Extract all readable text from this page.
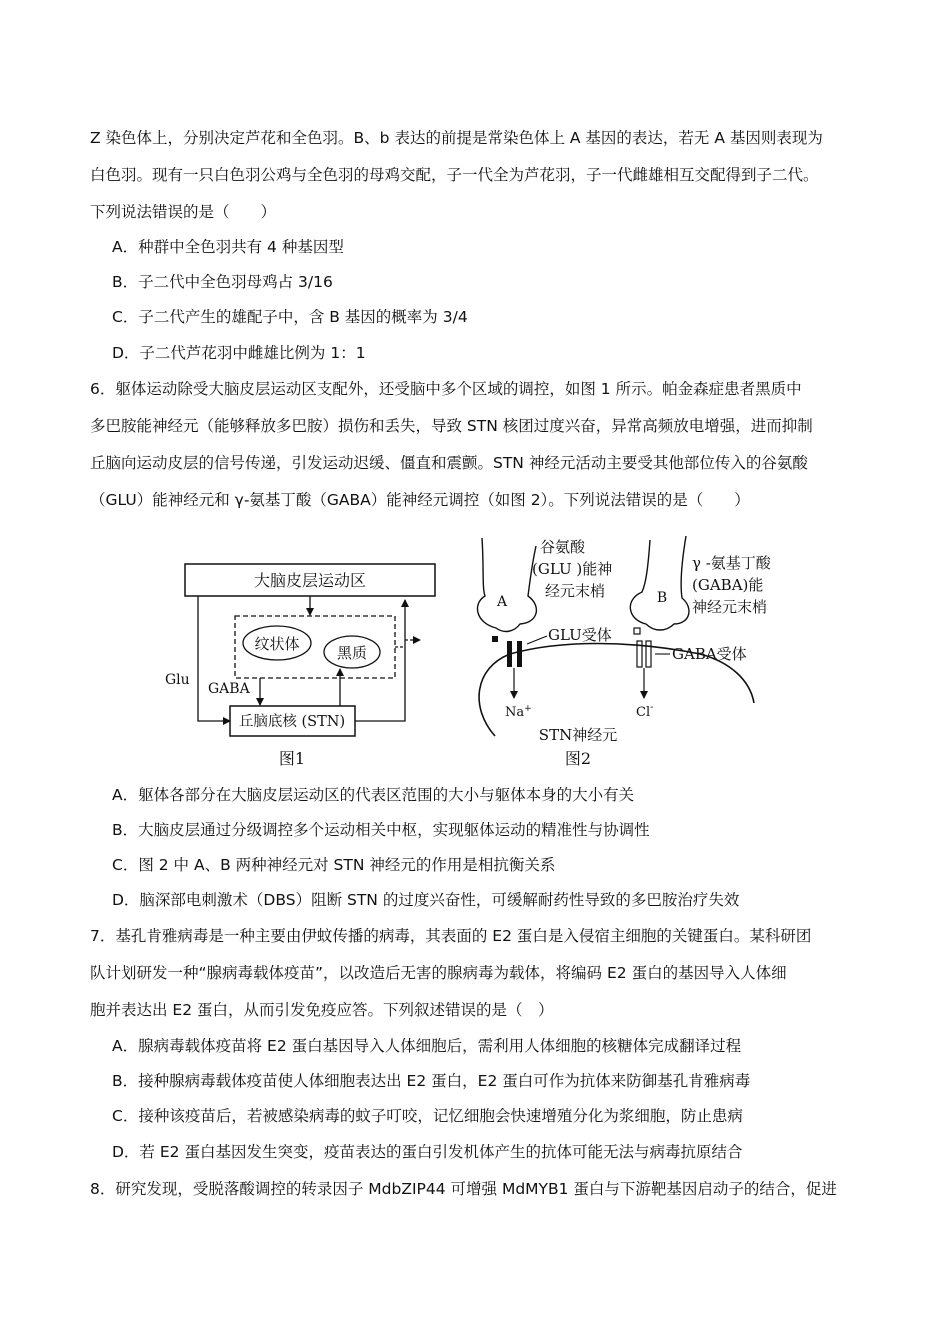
Z 染色体上，分别决定芦花和全色羽。B、b 表达的前提是常染色体上 A 基因的表达，若无 A 基因则表现为
白色羽。现有一只白色羽公鸡与全色羽的母鸡交配，子一代全为芦花羽，子一代雌雄相互交配得到子二代。
下列说法错误的是（　　）
A．种群中全色羽共有 4 种基因型
B．子二代中全色羽母鸡占 3/16
C．子二代产生的雄配子中，含 B 基因的概率为 3/4
D．子二代芦花羽中雌雄比例为 1：1
6．躯体运动除受大脑皮层运动区支配外，还受脑中多个区域的调控，如图 1 所示。帕金森症患者黑质中
多巴胺能神经元（能够释放多巴胺）损伤和丢失，导致 STN 核团过度兴奋，异常高频放电增强，进而抑制
丘脑向运动皮层的信号传递，引发运动迟缓、僵直和震颤。STN 神经元活动主要受其他部位传入的谷氨酸
（GLU）能神经元和 γ-氨基丁酸（GABA）能神经元调控（如图 2）。下列说法错误的是（　　）
大脑皮层运动区
纹状体 黑质
丘脑底核 (STN)
Glu
GABA
图1
A
谷氨酸
(GLU )能神
经元末梢	B
γ -氨基丁酸
(GABA)能
神经元末梢
GLU受体
Na+
GABA受体
Cl-
STN神经元
图2
A．躯体各部分在大脑皮层运动区的代表区范围的大小与躯体本身的大小有关
B．大脑皮层通过分级调控多个运动相关中枢，实现躯体运动的精准性与协调性
C．图 2 中 A、B 两种神经元对 STN 神经元的作用是相抗衡关系
D．脑深部电刺激术（DBS）阻断 STN 的过度兴奋性，可缓解耐药性导致的多巴胺治疗失效
7．基孔肯雅病毒是一种主要由伊蚊传播的病毒，其表面的 E2 蛋白是入侵宿主细胞的关键蛋白。某科研团
队计划研发一种“腺病毒载体疫苗”，以改造后无害的腺病毒为载体，将编码 E2 蛋白的基因导入人体细
胞并表达出 E2 蛋白，从而引发免疫应答。下列叙述错误的是（　）
A．腺病毒载体疫苗将 E2 蛋白基因导入人体细胞后，需利用人体细胞的核糖体完成翻译过程
B．接种腺病毒载体疫苗使人体细胞表达出 E2 蛋白，E2 蛋白可作为抗体来防御基孔肯雅病毒
C．接种该疫苗后，若被感染病毒的蚊子叮咬，记忆细胞会快速增殖分化为浆细胞，防止患病
D．若 E2 蛋白基因发生突变，疫苗表达的蛋白引发机体产生的抗体可能无法与病毒抗原结合
8．研究发现，受脱落酸调控的转录因子 MdbZIP44 可增强 MdMYB1 蛋白与下游靶基因启动子的结合，促进
